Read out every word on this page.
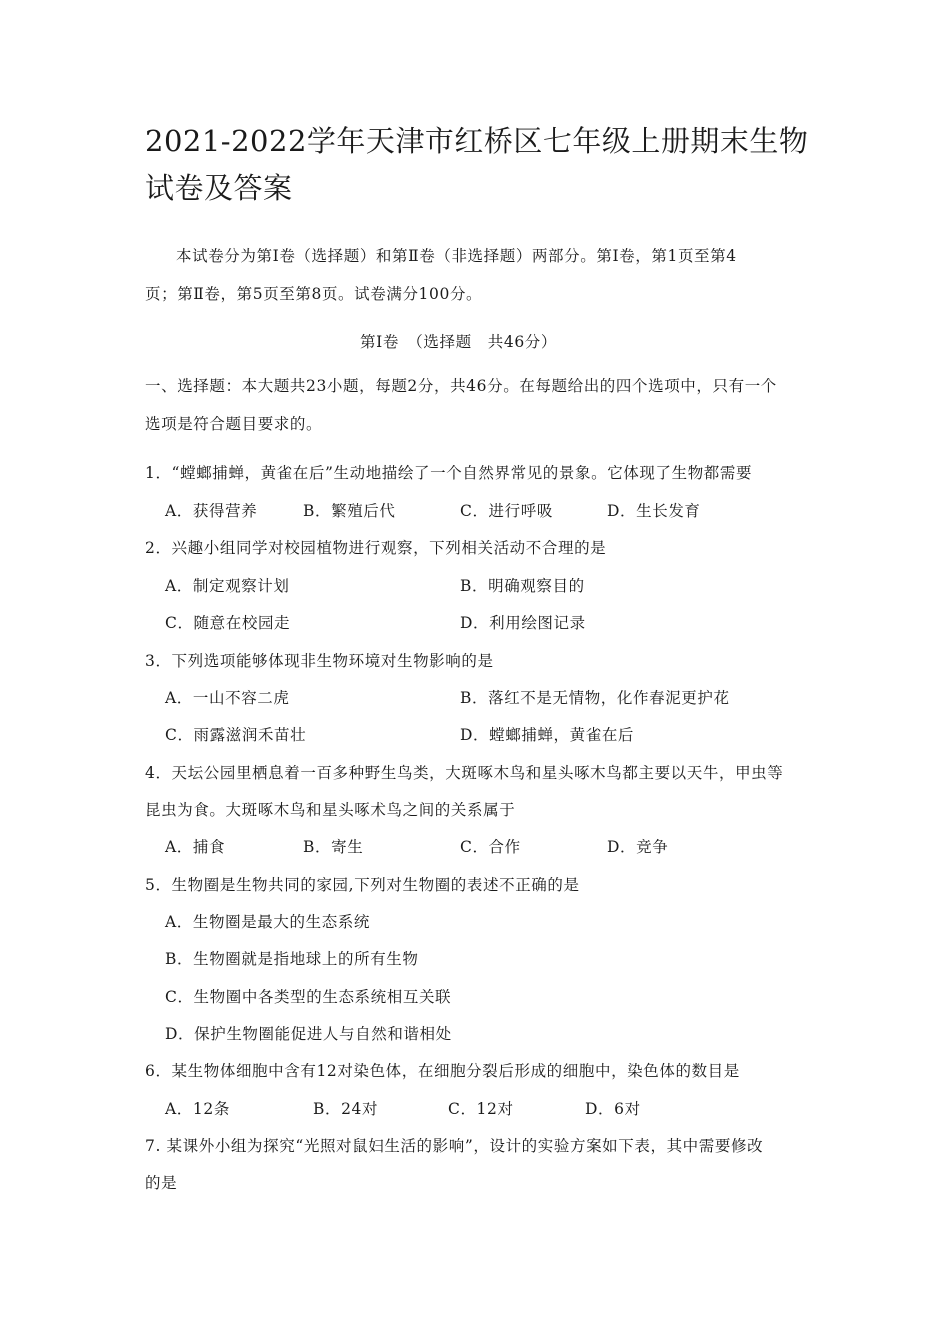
2021-2022学年天津市红桥区七年级上册期末生物试卷及答案
本试卷分为第Ⅰ卷（选择题）和第Ⅱ卷（非选择题）两部分。第Ⅰ卷，第1页至第4
页；第Ⅱ卷，第5页至第8页。试卷满分100分。
第Ⅰ卷　（选择题　共46分）
一、选择题：本大题共23小题，每题2分，共46分。在每题给出的四个选项中，只有一个
选项是符合题目要求的。
1．“螳螂捕蝉，黄雀在后”生动地描绘了一个自然界常见的景象。它体现了生物都需要
A．获得营养	B．繁殖后代	C．进行呼吸	D．生长发育
2．兴趣小组同学对校园植物进行观察，下列相关活动不合理的是
A．制定观察计划	B．明确观察目的
C．随意在校园走	D．利用绘图记录
3．下列选项能够体现非生物环境对生物影响的是
A．一山不容二虎	B．落红不是无情物，化作春泥更护花
C．雨露滋润禾苗壮	D．螳螂捕蝉，黄雀在后
4．天坛公园里栖息着一百多种野生鸟类，大斑啄木鸟和星头啄木鸟都主要以天牛，甲虫等
昆虫为食。大斑啄木鸟和星头啄术鸟之间的关系属于
A．捕食	B．寄生	C．合作	D．竞争
5．生物圈是生物共同的家园,下列对生物圈的表述不正确的是
A．生物圈是最大的生态系统
B．生物圈就是指地球上的所有生物
C．生物圈中各类型的生态系统相互关联
D．保护生物圈能促进人与自然和谐相处
6．某生物体细胞中含有12对染色体，在细胞分裂后形成的细胞中，染色体的数目是
A．12条	B．24对	C．12对	D．6对
7. 某课外小组为探究“光照对鼠妇生活的影响”，设计的实验方案如下表，其中需要修改
的是
